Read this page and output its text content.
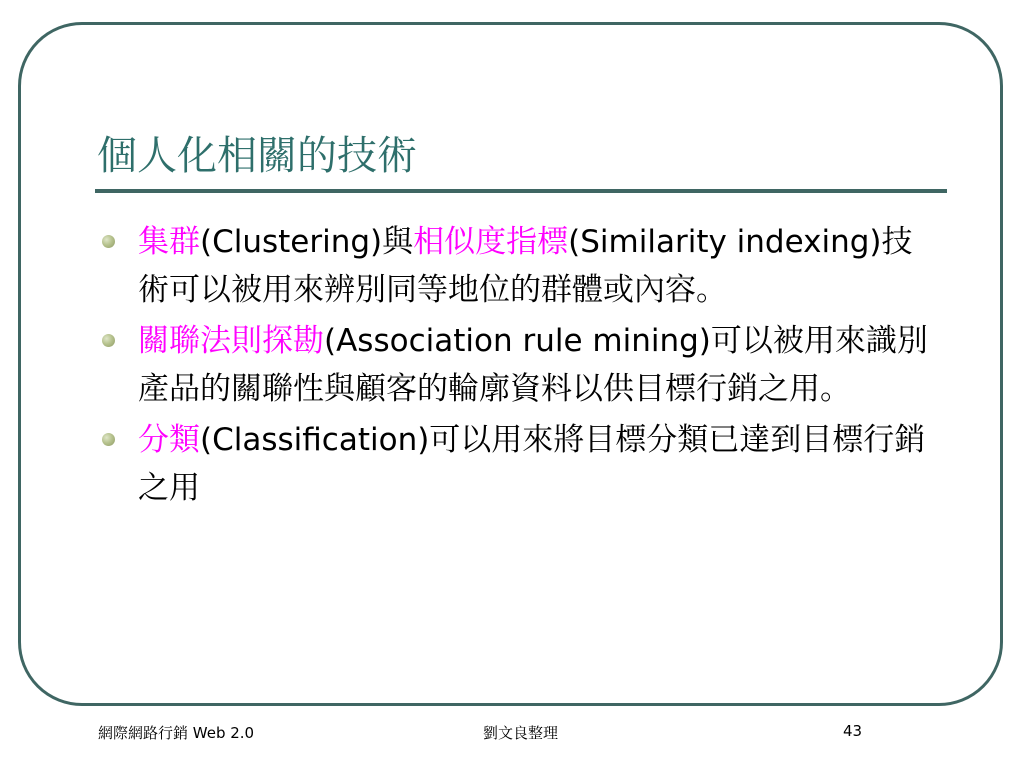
個人化相關的技術
集群(Clustering)與相似度指標(Similarity indexing)技術可以被用來辨別同等地位的群體或內容。
關聯法則探勘(Association rule mining)可以被用來識別產品的關聯性與顧客的輪廓資料以供目標行銷之用。
分類(Classification)可以用來將目標分類已達到目標行銷之用
網際網路行銷 Web 2.0	劉文良整理	43
